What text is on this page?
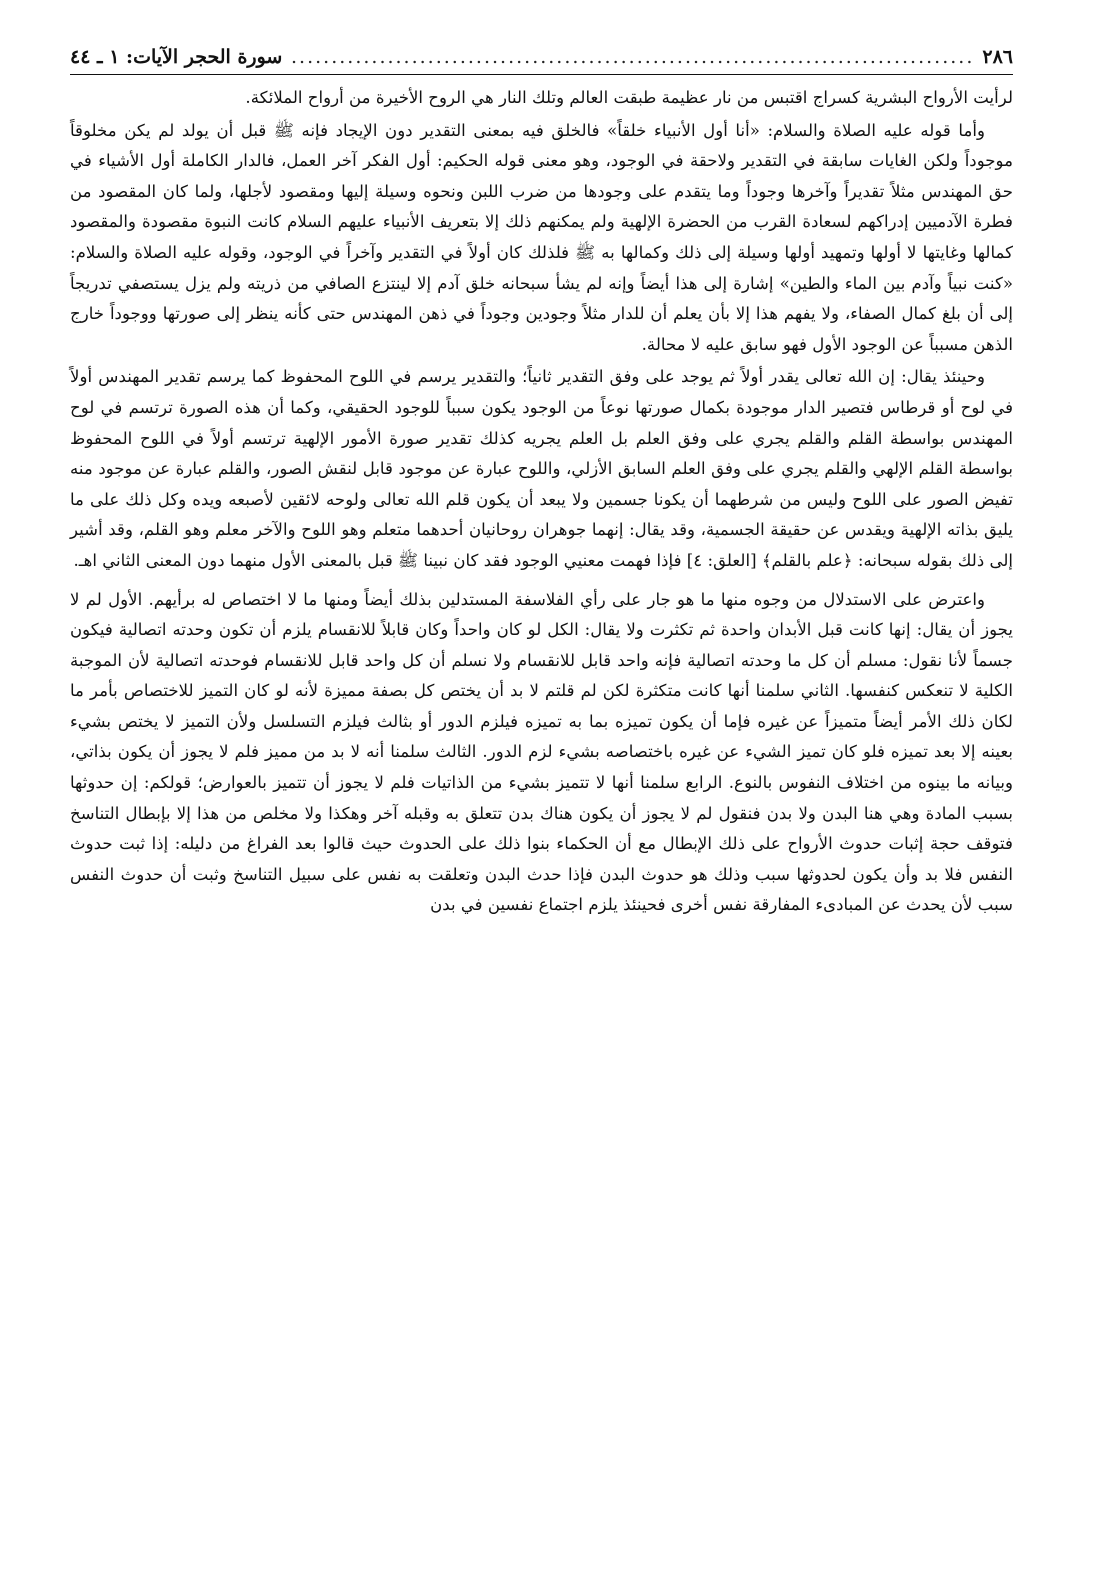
٢٨٦
.....
سورة الحجر الآيات: ١ ـ ٤٤

لرأيت الأرواح البشرية كسراج اقتبس من نار عظيمة طبقت العالم وتلك النار هي الروح الأخيرة من أرواح الملائكة.

وأما قوله عليه الصلاة والسلام: «أنا أول الأنبياء خلقاً» فالخلق فيه بمعنى التقدير دون الإيجاد فإنه ﷺ قبل أن يولد لم يكن مخلوقاً موجوداً ولكن الغايات سابقة في التقدير ولاحقة في الوجود، وهو معنى قوله الحكيم: أول الفكر آخر العمل، فالدار الكاملة أول الأشياء في حق المهندس مثلاً تقديراً وآخرها وجوداً وما يتقدم على وجودها من ضرب اللبن ونحوه وسيلة إليها ومقصود لأجلها، ولما كان المقصود من فطرة الآدميين إدراكهم لسعادة القرب من الحضرة الإلهية ولم يمكنهم ذلك إلا بتعريف الأنبياء عليهم السلام كانت النبوة مقصودة والمقصود كمالها وغايتها لا أولها وتمهيد أولها وسيلة إلى ذلك وكمالها به ﷺ فلذلك كان أولاً في التقدير وآخراً في الوجود، وقوله عليه الصلاة والسلام: «كنت نبياً وآدم بين الماء والطين» إشارة إلى هذا أيضاً وإنه لم يشأ سبحانه خلق آدم إلا لينتزع الصافي من ذريته ولم يزل يستصفي تدريجاً إلى أن بلغ كمال الصفاء، ولا يفهم هذا إلا بأن يعلم أن للدار مثلاً وجودين وجوداً في ذهن المهندس حتى كأنه ينظر إلى صورتها ووجوداً خارج الذهن مسبباً عن الوجود الأول فهو سابق عليه لا محالة.

وحينئذ يقال: إن الله تعالى يقدر أولاً ثم يوجد على وفق التقدير ثانياً؛ والتقدير يرسم في اللوح المحفوظ كما يرسم تقدير المهندس أولاً في لوح أو قرطاس فتصير الدار موجودة بكمال صورتها نوعاً من الوجود يكون سبباً للوجود الحقيقي، وكما أن هذه الصورة ترتسم في لوح المهندس بواسطة القلم والقلم يجري على وفق العلم بل العلم يجريه كذلك تقدير صورة الأمور الإلهية ترتسم أولاً في اللوح المحفوظ بواسطة القلم الإلهي والقلم يجري على وفق العلم السابق الأزلي، واللوح عبارة عن موجود قابل لنقش الصور، والقلم عبارة عن موجود منه تفيض الصور على اللوح وليس من شرطهما أن يكونا جسمين ولا يبعد أن يكون قلم الله تعالى ولوحه لائقين لأصبعه ويده وكل ذلك على ما يليق بذاته الإلهية ويقدس عن حقيقة الجسمية، وقد يقال: إنهما جوهران روحانيان أحدهما متعلم وهو اللوح والآخر معلم وهو القلم، وقد أشير إلى ذلك بقوله سبحانه: ﴿علم بالقلم﴾ [العلق: ٤] فإذا فهمت معنيي الوجود فقد كان نبينا ﷺ قبل بالمعنى الأول منهما دون المعنى الثاني اهـ.

واعترض على الاستدلال من وجوه منها ما هو جار على رأي الفلاسفة المستدلين بذلك أيضاً ومنها ما لا اختصاص له برأيهم. الأول لم لا يجوز أن يقال: إنها كانت قبل الأبدان واحدة ثم تكثرت ولا يقال: الكل لو كان واحداً وكان قابلاً للانقسام يلزم أن تكون وحدته اتصالية فيكون جسماً لأنا نقول: مسلم أن كل ما وحدته اتصالية فإنه واحد قابل للانقسام ولا نسلم أن كل واحد قابل للانقسام فوحدته اتصالية لأن الموجبة الكلية لا تنعكس كنفسها. الثاني سلمنا أنها كانت متكثرة لكن لم قلتم لا بد أن يختص كل بصفة مميزة لأنه لو كان التميز للاختصاص بأمر ما لكان ذلك الأمر أيضاً متميزاً عن غيره فإما أن يكون تميزه بما به تميزه فيلزم الدور أو بثالث فيلزم التسلسل ولأن التميز لا يختص بشيء بعينه إلا بعد تميزه فلو كان تميز الشيء عن غيره باختصاصه بشيء لزم الدور. الثالث سلمنا أنه لا بد من مميز فلم لا يجوز أن يكون بذاتي، وبيانه ما بينوه من اختلاف النفوس بالنوع. الرابع سلمنا أنها لا تتميز بشيء من الذاتيات فلم لا يجوز أن تتميز بالعوارض؛ قولكم: إن حدوثها بسبب المادة وهي هنا البدن ولا بدن فنقول لم لا يجوز أن يكون هناك بدن تتعلق به وقبله آخر وهكذا ولا مخلص من هذا إلا بإبطال التناسخ فتوقف حجة إثبات حدوث الأرواح على ذلك الإبطال مع أن الحكماء بنوا ذلك على الحدوث حيث قالوا بعد الفراغ من دليله: إذا ثبت حدوث النفس فلا بد وأن يكون لحدوثها سبب وذلك هو حدوث البدن فإذا حدث البدن وتعلقت به نفس على سبيل التناسخ وثبت أن حدوث النفس سبب لأن يحدث عن المبادىء المفارقة نفس أخرى فحينئذ يلزم اجتماع نفسين في بدن
